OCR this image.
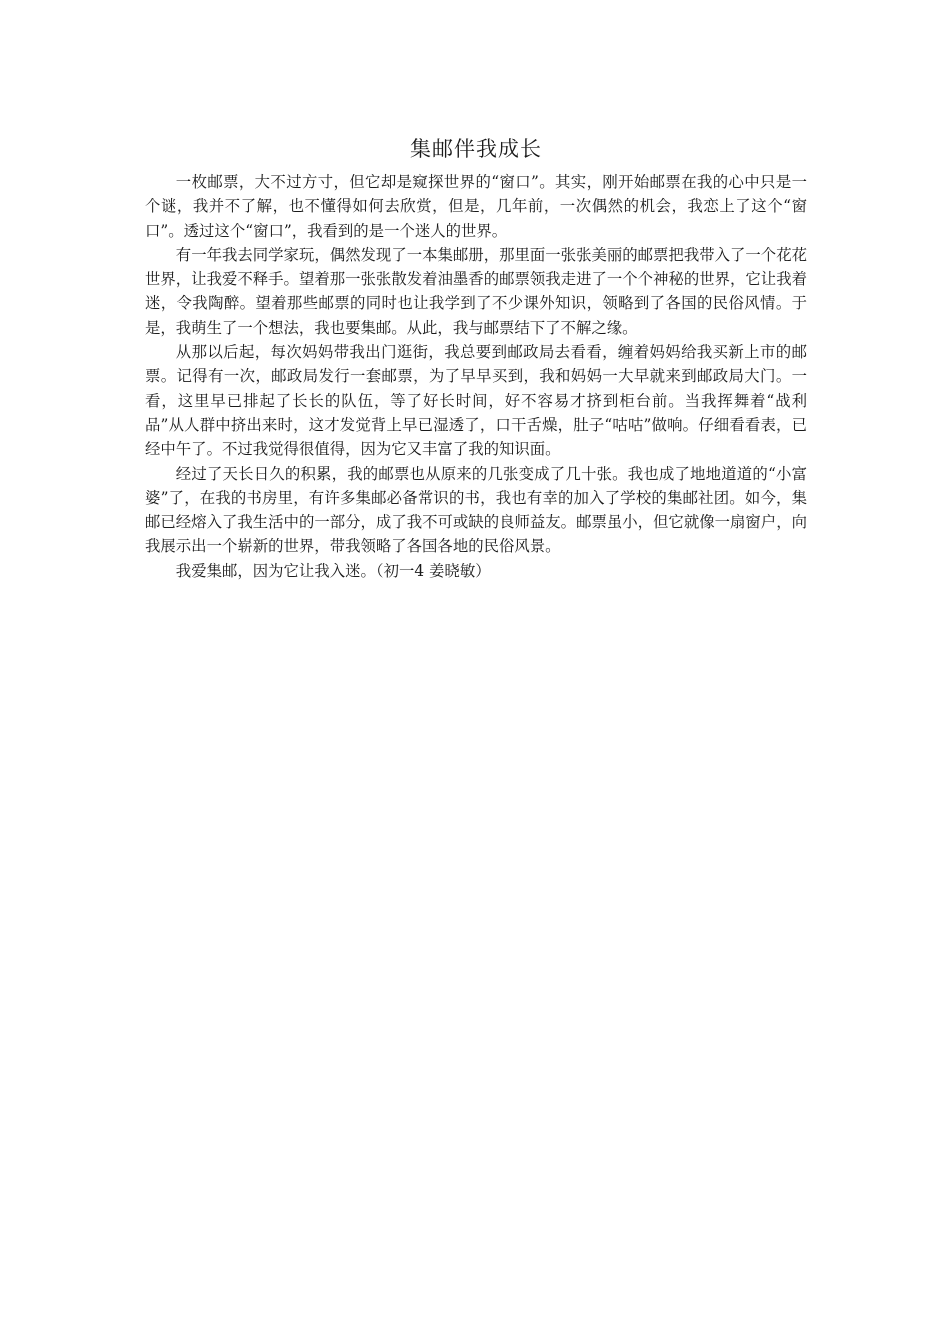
集邮伴我成长

一枚邮票，大不过方寸，但它却是窥探世界的“窗口”。其实，刚开始邮票在我的心中只是一个谜，我并不了解，也不懂得如何去欣赏，但是，几年前，一次偶然的机会，我恋上了这个“窗口”。透过这个“窗口”，我看到的是一个迷人的世界。

有一年我去同学家玩，偶然发现了一本集邮册，那里面一张张美丽的邮票把我带入了一个花花世界，让我爱不释手。望着那一张张散发着油墨香的邮票领我走进了一个个神秘的世界，它让我着迷，令我陶醉。望着那些邮票的同时也让我学到了不少课外知识，领略到了各国的民俗风情。于是，我萌生了一个想法，我也要集邮。从此，我与邮票结下了不解之缘。

从那以后起，每次妈妈带我出门逛街，我总要到邮政局去看看，缠着妈妈给我买新上市的邮票。记得有一次，邮政局发行一套邮票，为了早早买到，我和妈妈一大早就来到邮政局大门。一看，这里早已排起了长长的队伍，等了好长时间，好不容易才挤到柜台前。当我挥舞着“战利品”从人群中挤出来时，这才发觉背上早已湿透了，口干舌燥，肚子“咕咕”做响。仔细看看表，已经中午了。不过我觉得很值得，因为它又丰富了我的知识面。

经过了天长日久的积累，我的邮票也从原来的几张变成了几十张。我也成了地地道道的“小富婆”了，在我的书房里，有许多集邮必备常识的书，我也有幸的加入了学校的集邮社团。如今，集邮已经熔入了我生活中的一部分，成了我不可或缺的良师益友。邮票虽小，但它就像一扇窗户，向我展示出一个崭新的世界，带我领略了各国各地的民俗风景。

我爱集邮，因为它让我入迷。（初一4 姜晓敏）
